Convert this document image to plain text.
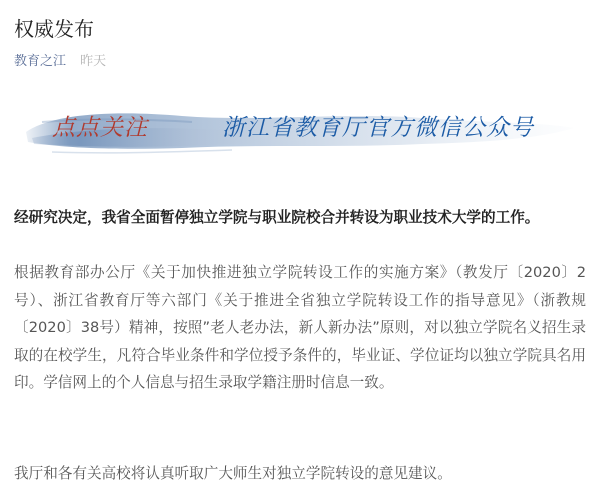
权威发布
教育之江 昨天
点点关注	浙江省教育厅官方微信公众号

经研究决定，我省全面暂停独立学院与职业院校合并转设为职业技术大学的工作。

根据教育部办公厅《关于加快推进独立学院转设工作的实施方案》（教发厅〔2020〕2号）、浙江省教育厅等六部门《关于推进全省独立学院转设工作的指导意见》（浙教规〔2020〕38号）精神，按照”老人老办法，新人新办法”原则，对以独立学院名义招生录取的在校学生，凡符合毕业条件和学位授予条件的，毕业证、学位证均以独立学院具名用印。学信网上的个人信息与招生录取学籍注册时信息一致。

我厅和各有关高校将认真听取广大师生对独立学院转设的意见建议。
